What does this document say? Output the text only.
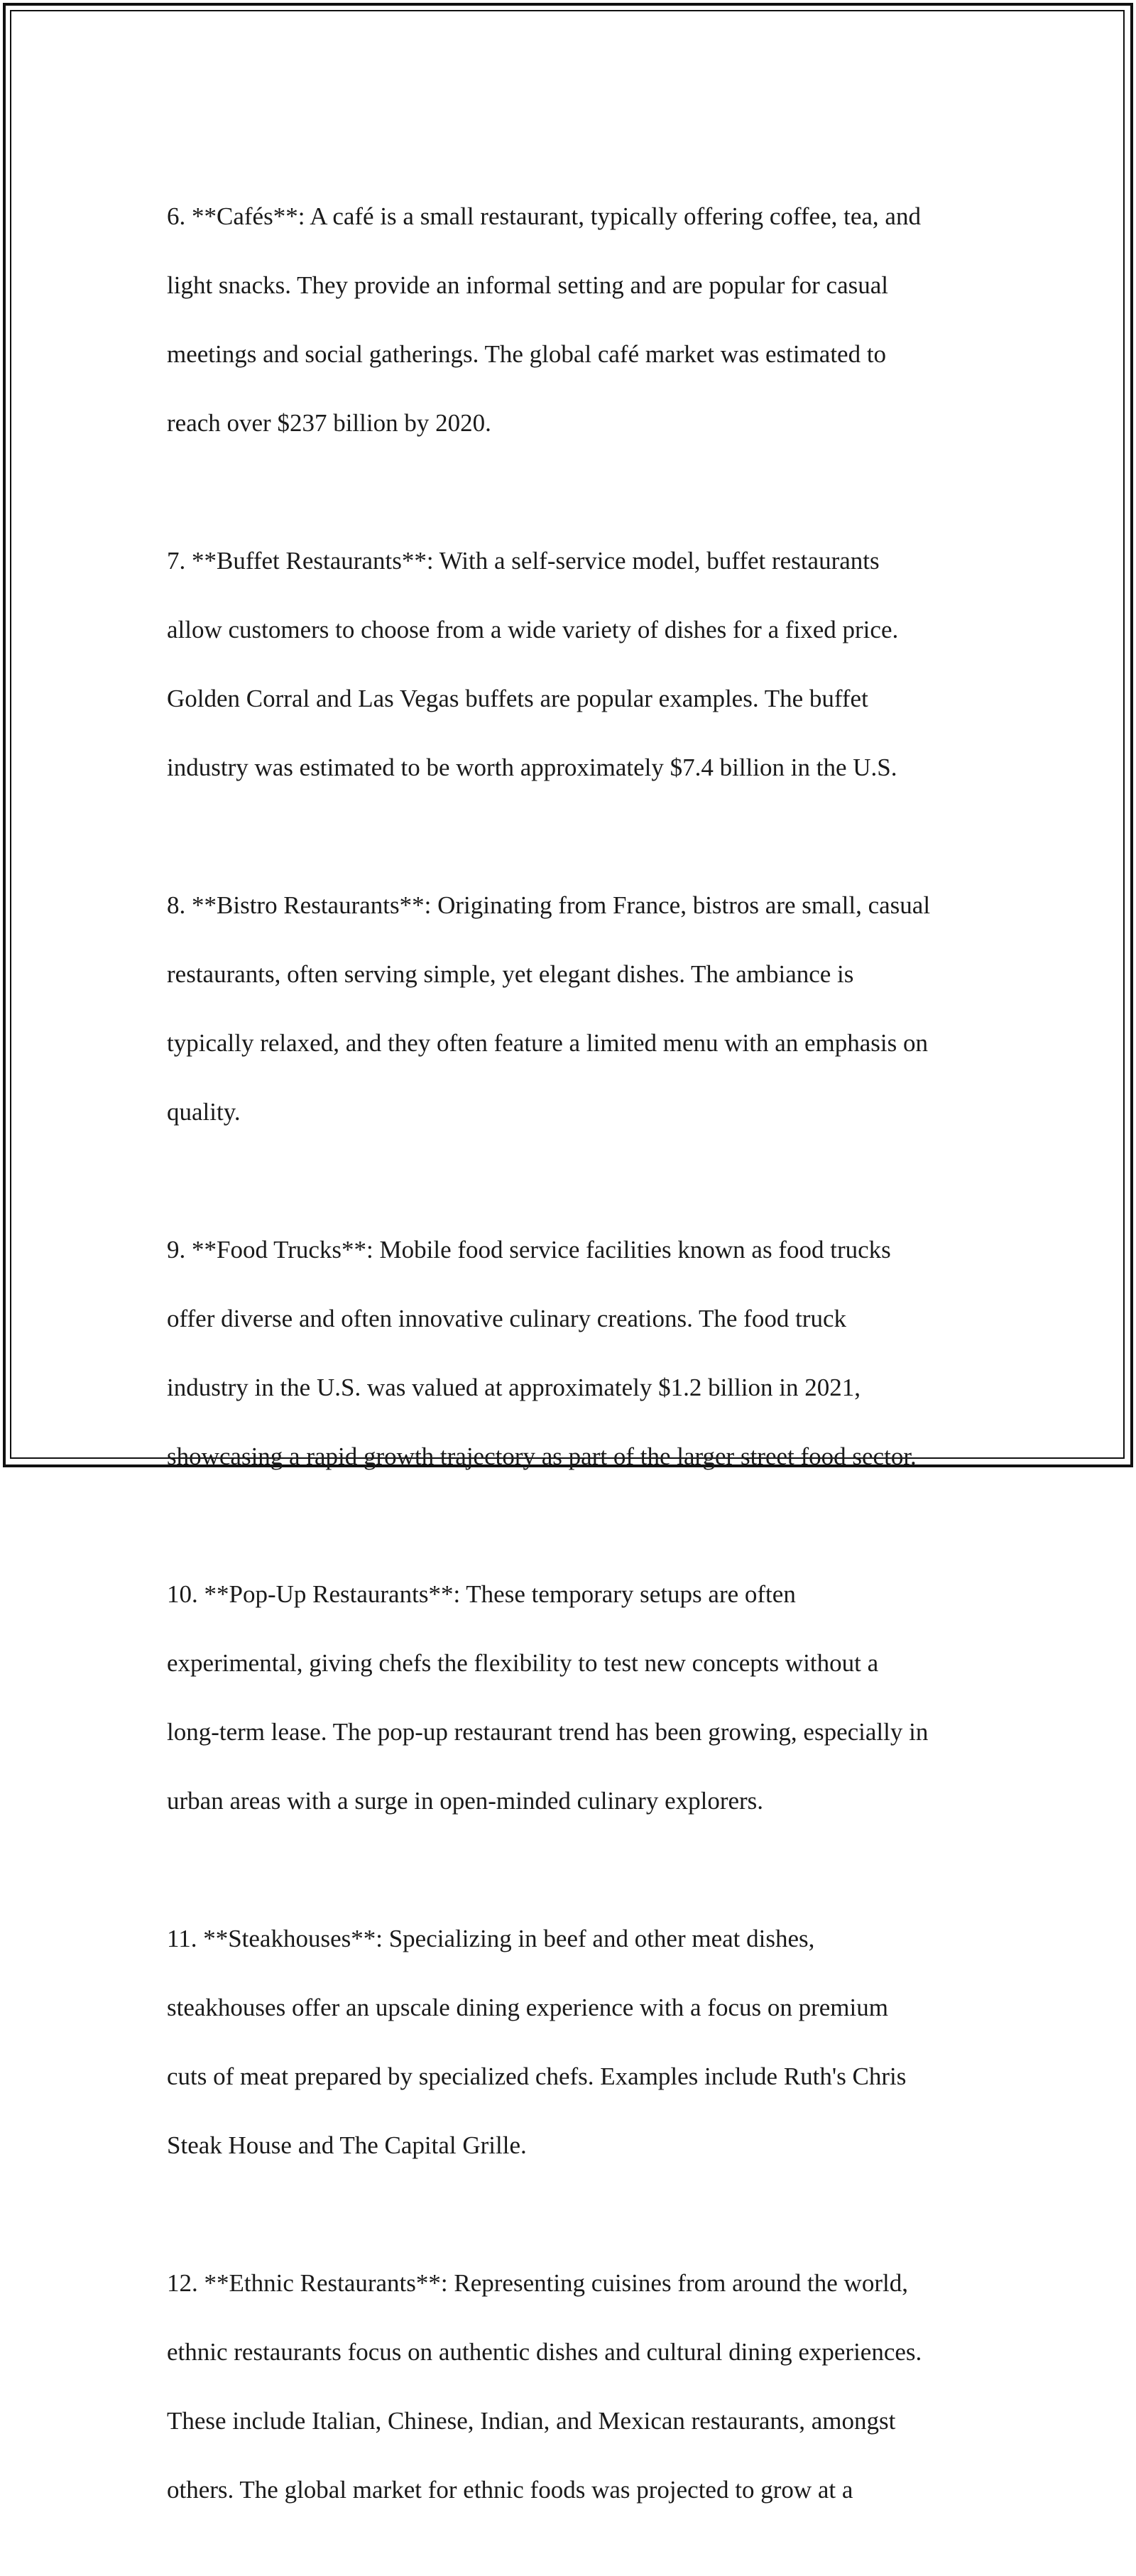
6. **Cafés**: A café is a small restaurant, typically offering coffee, tea, and

light snacks. They provide an informal setting and are popular for casual

meetings and social gatherings. The global café market was estimated to

reach over $237 billion by 2020.

7. **Buffet Restaurants**: With a self-service model, buffet restaurants

allow customers to choose from a wide variety of dishes for a fixed price.

Golden Corral and Las Vegas buffets are popular examples. The buffet

industry was estimated to be worth approximately $7.4 billion in the U.S.

8. **Bistro Restaurants**: Originating from France, bistros are small, casual

restaurants, often serving simple, yet elegant dishes. The ambiance is

typically relaxed, and they often feature a limited menu with an emphasis on

quality.

9. **Food Trucks**: Mobile food service facilities known as food trucks

offer diverse and often innovative culinary creations. The food truck

industry in the U.S. was valued at approximately $1.2 billion in 2021,

showcasing a rapid growth trajectory as part of the larger street food sector.

10. **Pop-Up Restaurants**: These temporary setups are often

experimental, giving chefs the flexibility to test new concepts without a

long-term lease. The pop-up restaurant trend has been growing, especially in

urban areas with a surge in open-minded culinary explorers.

11. **Steakhouses**: Specializing in beef and other meat dishes,

steakhouses offer an upscale dining experience with a focus on premium

cuts of meat prepared by specialized chefs. Examples include Ruth's Chris

Steak House and The Capital Grille.

12. **Ethnic Restaurants**: Representing cuisines from around the world,

ethnic restaurants focus on authentic dishes and cultural dining experiences.

These include Italian, Chinese, Indian, and Mexican restaurants, amongst

others. The global market for ethnic foods was projected to grow at a
